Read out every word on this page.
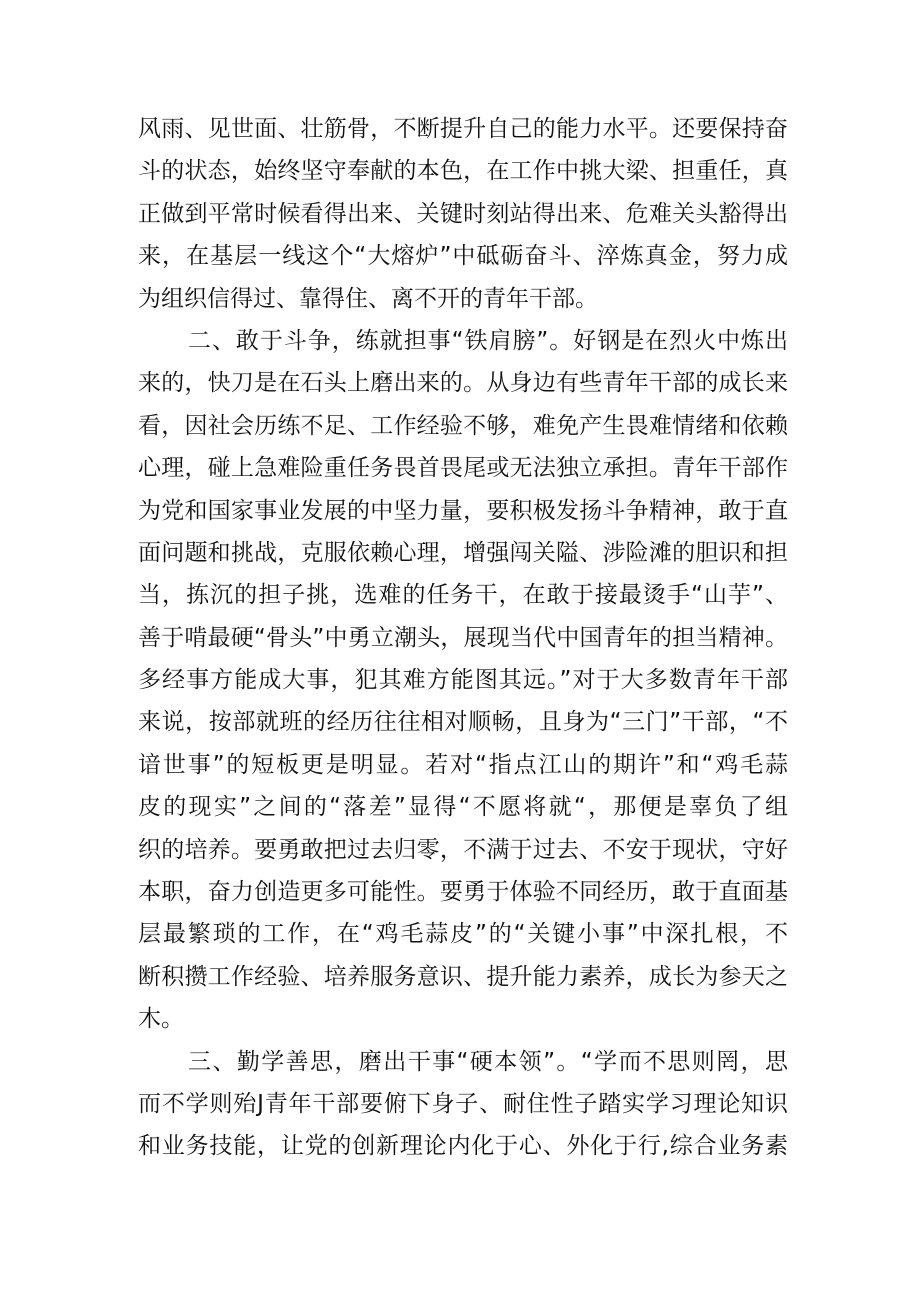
风雨、见世面、壮筋骨，不断提升自己的能力水平。还要保持奋
斗的状态，始终坚守奉献的本色，在工作中挑大梁、担重任，真
正做到平常时候看得出来、关键时刻站得出来、危难关头豁得出
来，在基层一线这个“大熔炉”中砥砺奋斗、淬炼真金，努力成
为组织信得过、靠得住、离不开的青年干部。
二、敢于斗争，练就担事“铁肩膀”。好钢是在烈火中炼出
来的，快刀是在石头上磨出来的。从身边有些青年干部的成长来
看，因社会历练不足、工作经验不够，难免产生畏难情绪和依赖
心理，碰上急难险重任务畏首畏尾或无法独立承担。青年干部作
为党和国家事业发展的中坚力量，要积极发扬斗争精神，敢于直
面问题和挑战，克服依赖心理，增强闯关隘、涉险滩的胆识和担
当，拣沉的担子挑，选难的任务干，在敢于接最烫手“山芋”、
善于啃最硬“骨头”中勇立潮头，展现当代中国青年的担当精神。
多经事方能成大事，犯其难方能图其远。”对于大多数青年干部
来说，按部就班的经历往往相对顺畅，且身为“三门”干部，“不
谙世事”的短板更是明显。若对“指点江山的期许”和“鸡毛蒜
皮的现实”之间的“落差”显得“不愿将就“，那便是辜负了组
织的培养。要勇敢把过去归零，不满于过去、不安于现状，守好
本职，奋力创造更多可能性。要勇于体验不同经历，敢于直面基
层最繁琐的工作，在“鸡毛蒜皮”的“关键小事”中深扎根，不
断积攒工作经验、培养服务意识、提升能力素养，成长为参天之
木。
三、勤学善思，磨出干事“硬本领”。“学而不思则罔，思
而不学则殆J青年干部要俯下身子、耐住性子踏实学习理论知识
和业务技能，让党的创新理论内化于心、外化于行,综合业务素
